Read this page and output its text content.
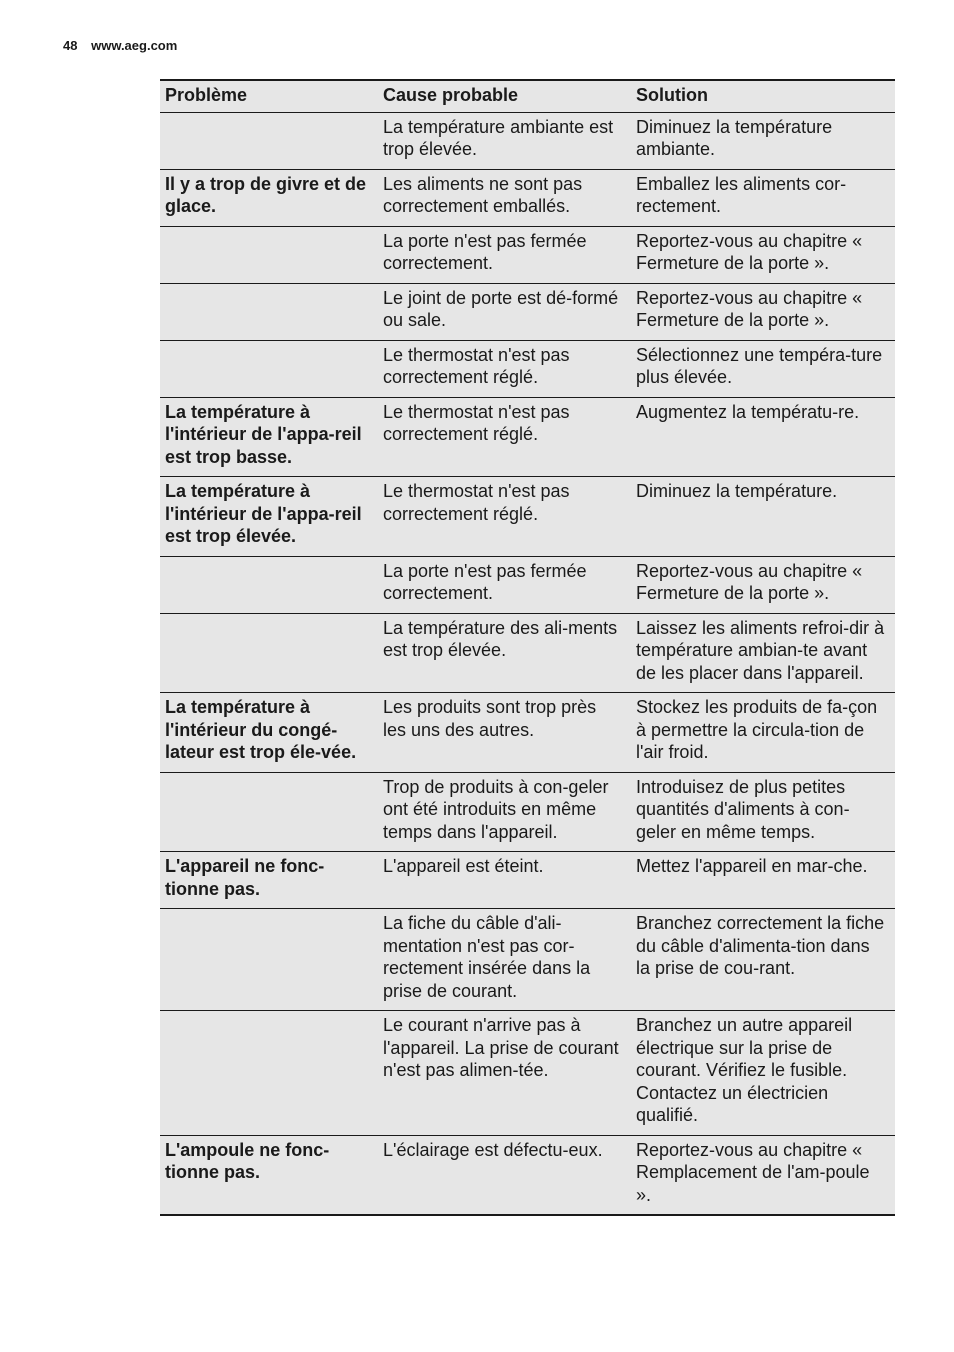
48 www.aeg.com
Problème	Cause probable	Solution
	La température ambiante est trop élevée.	Diminuez la température ambiante.
Il y a trop de givre et de glace.	Les aliments ne sont pas correctement emballés.	Emballez les aliments cor-rectement.
	La porte n'est pas fermée correctement.	Reportez-vous au chapitre « Fermeture de la porte ».
	Le joint de porte est dé-formé ou sale.	Reportez-vous au chapitre « Fermeture de la porte ».
	Le thermostat n'est pas correctement réglé.	Sélectionnez une tempéra-ture plus élevée.
La température à l'intérieur de l'appa-reil est trop basse.	Le thermostat n'est pas correctement réglé.	Augmentez la températu-re.
La température à l'intérieur de l'appa-reil est trop élevée.	Le thermostat n'est pas correctement réglé.	Diminuez la température.
	La porte n'est pas fermée correctement.	Reportez-vous au chapitre « Fermeture de la porte ».
	La température des ali-ments est trop élevée.	Laissez les aliments refroi-dir à température ambian-te avant de les placer dans l'appareil.
La température à l'intérieur du congé-lateur est trop éle-vée.	Les produits sont trop près les uns des autres.	Stockez les produits de fa-çon à permettre la circula-tion de l'air froid.
	Trop de produits à con-geler ont été introduits en même temps dans l'appareil.	Introduisez de plus petites quantités d'aliments à con-geler en même temps.
L'appareil ne fonc-tionne pas.	L'appareil est éteint.	Mettez l'appareil en mar-che.
	La fiche du câble d'ali-mentation n'est pas cor-rectement insérée dans la prise de courant.	Branchez correctement la fiche du câble d'alimenta-tion dans la prise de cou-rant.
	Le courant n'arrive pas à l'appareil. La prise de courant n'est pas alimen-tée.	Branchez un autre appareil électrique sur la prise de courant. Vérifiez le fusible. Contactez un électricien qualifié.
L'ampoule ne fonc-tionne pas.	L'éclairage est défectu-eux.	Reportez-vous au chapitre « Remplacement de l'am-poule ».
